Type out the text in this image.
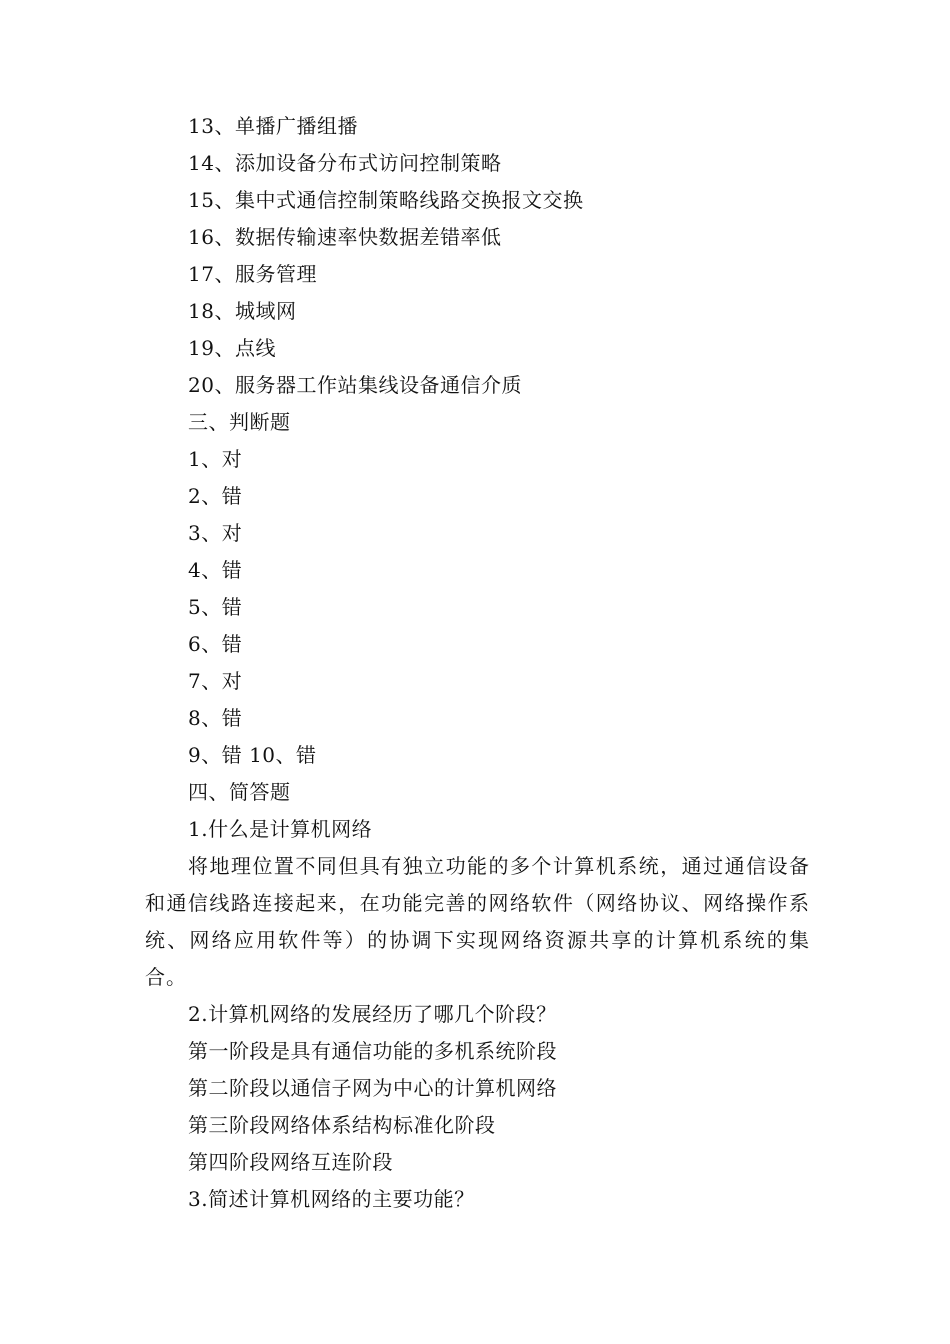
13、单播广播组播
14、添加设备分布式访问控制策略
15、集中式通信控制策略线路交换报文交换
16、数据传输速率快数据差错率低
17、服务管理
18、城域网
19、点线
20、服务器工作站集线设备通信介质
三、判断题
1、对
2、错
3、对
4、错
5、错
6、错
7、对
8、错
9、错 10、错
四、简答题
1.什么是计算机网络

将地理位置不同但具有独立功能的多个计算机系统，通过通信设备和通信线路连接起来，在功能完善的网络软件（网络协议、网络操作系统、网络应用软件等）的协调下实现网络资源共享的计算机系统的集合。

2.计算机网络的发展经历了哪几个阶段？
第一阶段是具有通信功能的多机系统阶段
第二阶段以通信子网为中心的计算机网络
第三阶段网络体系结构标准化阶段
第四阶段网络互连阶段
3.简述计算机网络的主要功能？
